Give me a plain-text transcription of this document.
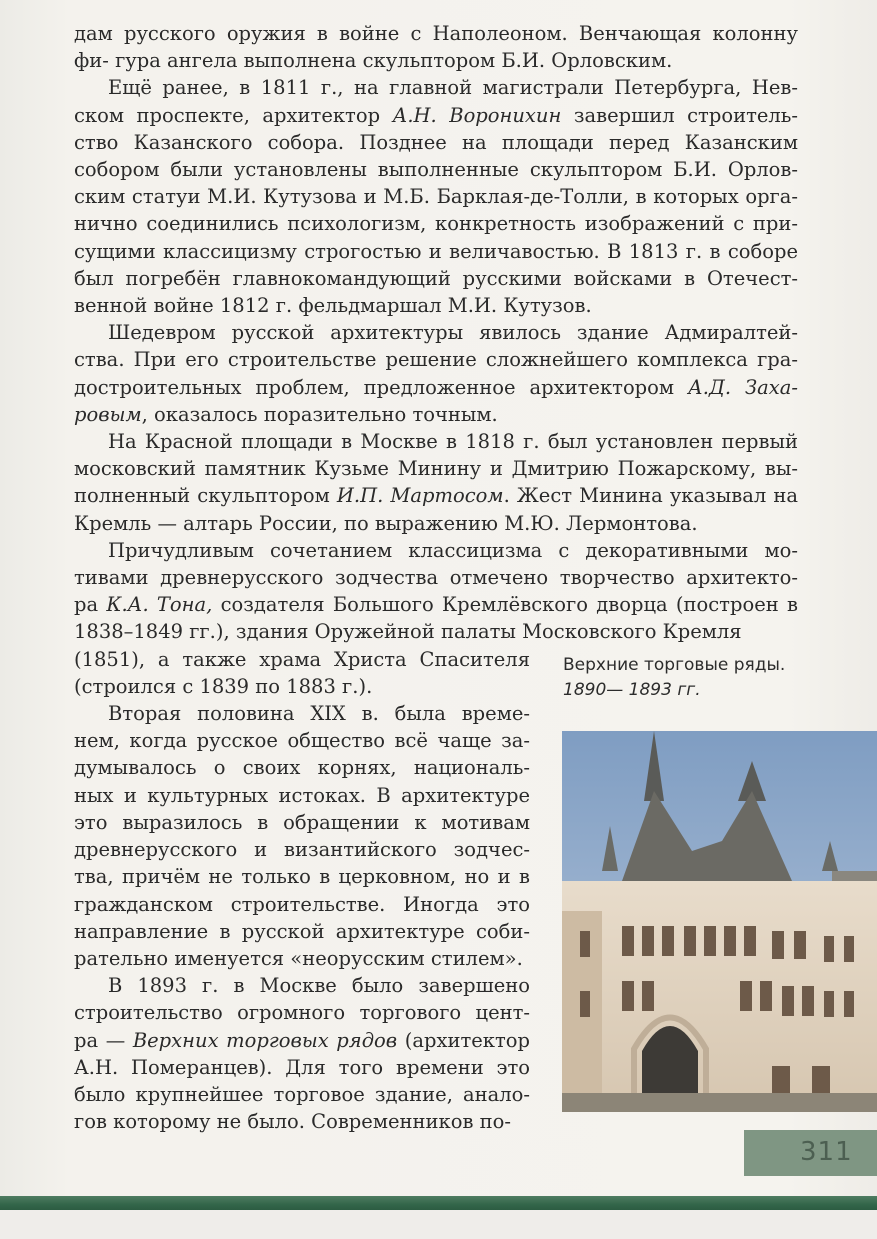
дам русского оружия в войне с Наполеоном. Венчающая колонну фи- гура ангела выполнена скульптором Б.И. Орловским.

Ещё ранее, в 1811 г., на главной магистрали Петербурга, Нев- ском проспекте, архитектор А.Н. Воронихин завершил строитель- ство Казанского собора. Позднее на площади перед Казанским собором были установлены выполненные скульптором Б.И. Орлов- ским статуи М.И. Кутузова и М.Б. Барклая-де-Толли, в которых орга- нично соединились психологизм, конкретность изображений с при- сущими классицизму строгостью и величавостью. В 1813 г. в соборе был погребён главнокомандующий русскими войсками в Отечест- венной войне 1812 г. фельдмаршал М.И. Кутузов.

Шедевром русской архитектуры явилось здание Адмиралтей- ства. При его строительстве решение сложнейшего комплекса гра- достроительных проблем, предложенное архитектором А.Д. Заха- ровым, оказалось поразительно точным.

На Красной площади в Москве в 1818 г. был установлен первый московский памятник Кузьме Минину и Дмитрию Пожарскому, вы- полненный скульптором И.П. Мартосом. Жест Минина указывал на Кремль — алтарь России, по выражению М.Ю. Лермонтова.

Причудливым сочетанием классицизма с декоративными мо- тивами древнерусского зодчества отмечено творчество архитекто- ра К.А. Тона, создателя Большого Кремлёвского дворца (построен в 1838–1849 гг.), здания Оружейной палаты Московского Кремля

(1851), а также храма Христа Спасителя (строился с 1839 по 1883 г.).

Вторая половина XIX в. была време- нем, когда русское общество всё чаще за- думывалось о своих корнях, националь- ных и культурных истоках. В архитектуре это выразилось в обращении к мотивам древнерусского и византийского зодчес- тва, причём не только в церковном, но и в гражданском строительстве. Иногда это направление в русской архитектуре соби- рательно именуется «неорусским стилем».

В 1893 г. в Москве было завершено строительство огромного торгового цент- ра — Верхних торговых рядов (архитектор А.Н. Померанцев). Для того времени это было крупнейшее торговое здание, анало- гов которому не было. Современников по-

Верхние торговые ряды.
1890— 1893 гг.
311
